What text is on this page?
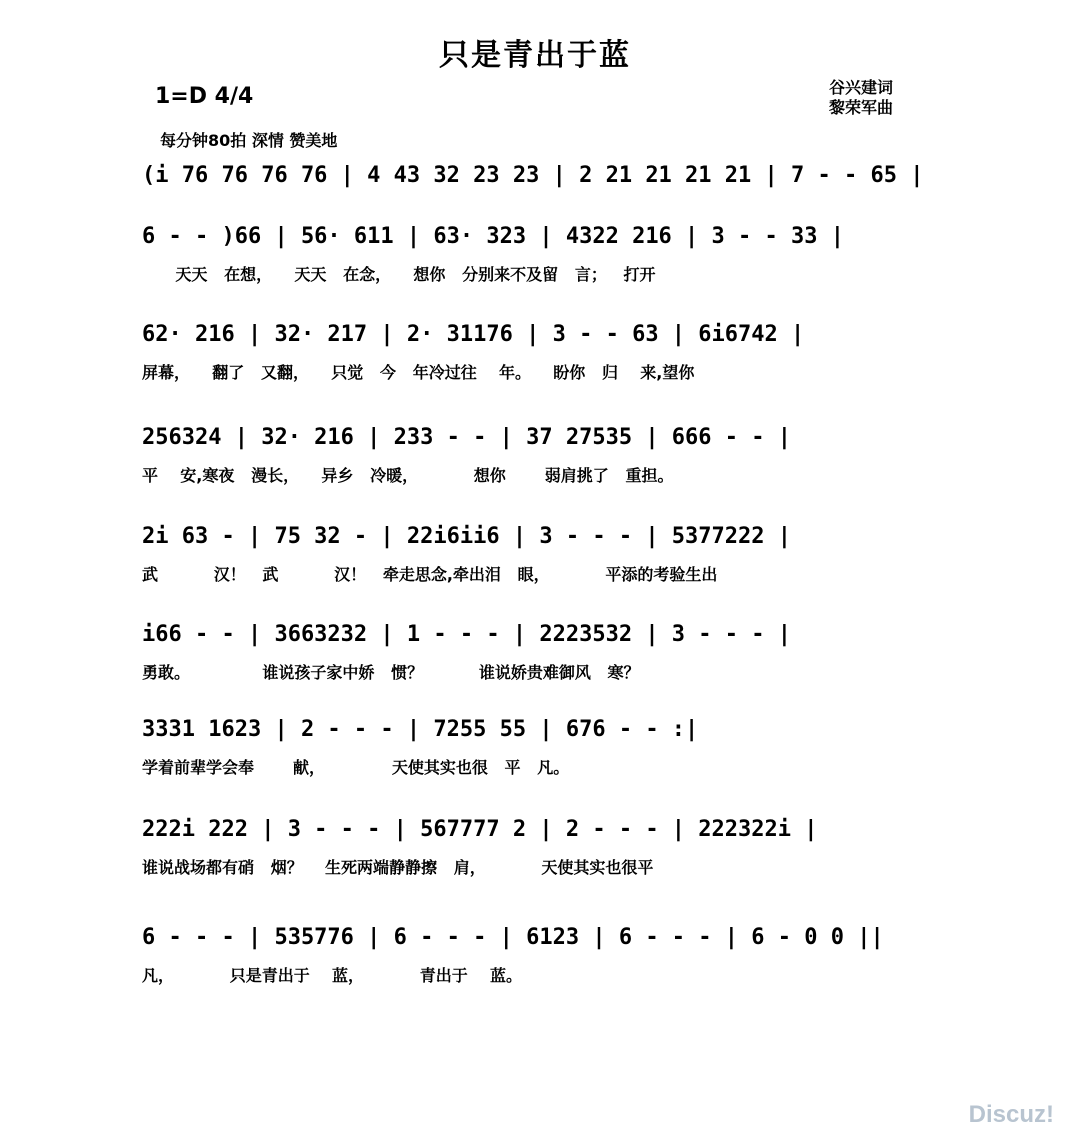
只是青出于蓝
1=D 4/4
每分钟80拍 深情 赞美地
谷兴建词
黎荣军曲
(i 76 76 76 76 | 4 43 32 23 23 | 2 21 21 21 21 | 7 - - 65 |
6 - - )66 | 56· 611 | 63· 323 | 4322 216 | 3 - - 33 |
天天   在想，    天天   在念，    想你   分别来不及留   言；   打开
62· 216 | 32· 217 | 2· 31176 | 3 - - 63 | 6i6742 |
屏幕，    翻了   又翻，    只觉   今   年冷过往    年。    盼你   归    来,望你
256324 | 32· 216 | 233 - - | 37 27535 | 666 - - |
平    安,寒夜   漫长，    异乡   冷暖，          想你       弱肩挑了   重担。
2i 63 - | 75 32 - | 22i6ii6 | 3 - - - | 5377222 |
武          汉！   武          汉！   牵走思念,牵出泪   眼，          平添的考验生出
i66 - - | 3663232 | 1 - - - | 2223532 | 3 - - - |
勇敢。             谁说孩子家中娇   惯？          谁说娇贵难御风   寒？
3331 1623 | 2 - - - | 7255 55 | 676 - - :|
学着前辈学会奉       献，            天使其实也很   平   凡。
222i 222 | 3 - - - | 567777 2 | 2 - - - | 222322i |
谁说战场都有硝   烟？    生死两端静静擦   肩，          天使其实也很平
6 - - - | 535776 | 6 - - - | 6123 | 6 - - - | 6 - 0 0 ||
凡，          只是青出于    蓝，          青出于    蓝。
Discuz!
